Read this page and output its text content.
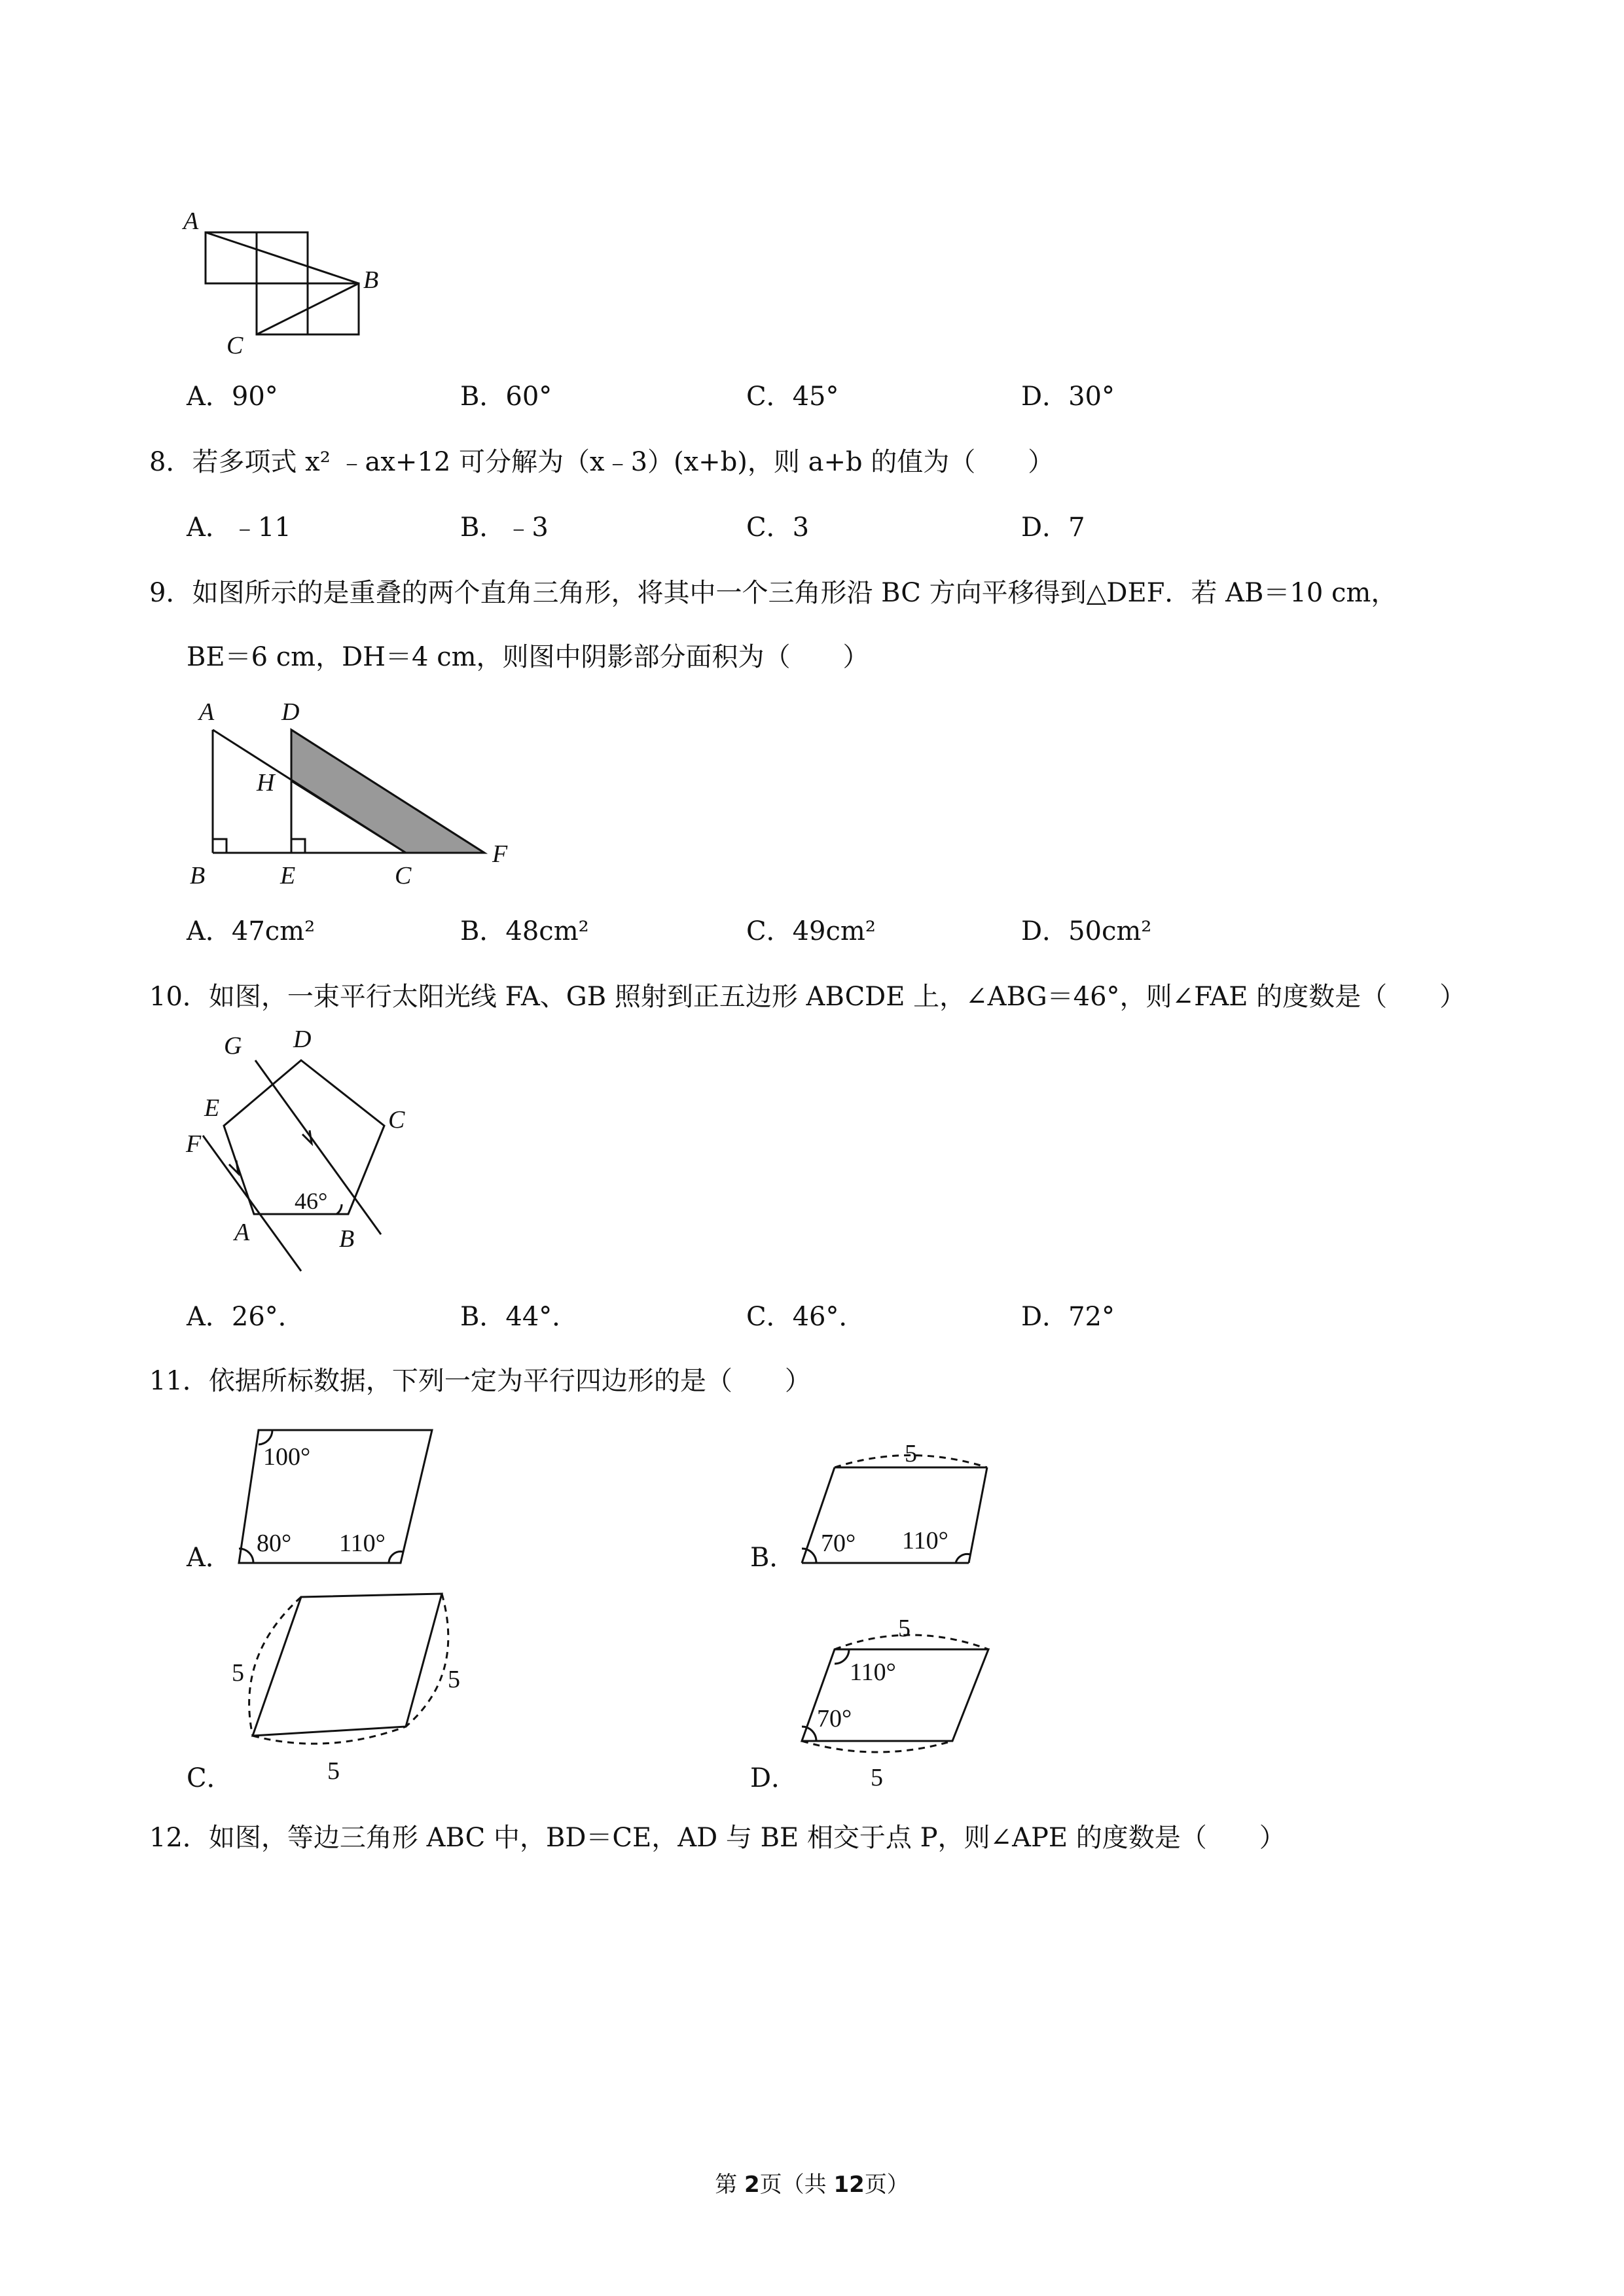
A
B
C
A．90°	B．60°	C．45°	D．30°
8．若多项式 x² ﹣ax+12 可分解为（x﹣3）(x+b)，则 a+b 的值为（　　）
A．﹣11	B．﹣3	C．3	D．7
9．如图所示的是重叠的两个直角三角形，将其中一个三角形沿 BC 方向平移得到△DEF．若 AB＝10 cm，
BE＝6 cm，DH＝4 cm，则图中阴影部分面积为（　　）
A	D
H
B	E	C
F
A．47cm²	B．48cm²	C．49cm²	D．50cm²
10．如图，一束平行太阳光线 FA、GB 照射到正五边形 ABCDE 上，∠ABG＝46°，则∠FAE 的度数是（　　）
G D
E	C
F
A	B
46°
A．26°．	B．44°．	C．46°．	D．72°
11．依据所标数据，下列一定为平行四边形的是（　　）
A．
100°
80° 110°	B．
5
70° 110°
C．
5	5
5	D．
5
5
110°
70°
12．如图，等边三角形 ABC 中，BD＝CE，AD 与 BE 相交于点 P，则∠APE 的度数是（　　）
第 2页（共 12页）
